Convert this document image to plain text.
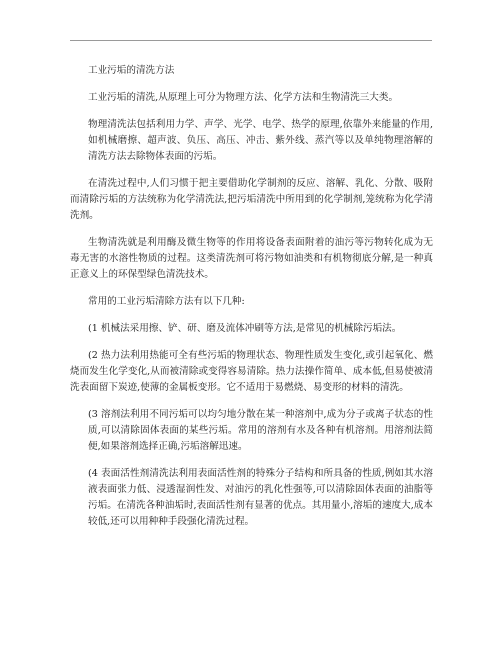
工业污垢的清洗方法

工业污垢的清洗,从原理上可分为物理方法、化学方法和生物清洗三大类。

物理清洗法包括利用力学、声学、光学、电学、热学的原理,依靠外来能量的作用,如机械磨擦、超声波、负压、高压、冲击、紫外线、蒸汽等以及单纯物理溶解的清洗方法去除物体表面的污垢。

在清洗过程中,人们习惯于把主要借助化学制剂的反应、溶解、乳化、分散、吸附而清除污垢的方法统称为化学清洗法,把污垢清洗中所用到的化学制剂,笼统称为化学清洗剂。

生物清洗就是利用酶及微生物等的作用将设备表面附着的油污等污物转化成为无毒无害的水溶性物质的过程。这类清洗剂可将污物如油类和有机物彻底分解,是一种真正意义上的环保型绿色清洗技术。

常用的工业污垢清除方法有以下几种:

(1 机械法采用擦、铲、研、磨及流体冲刷等方法,是常见的机械除污垢法。

(2 热力法利用热能可全有些污垢的物理状态、物理性质发生变化,或引起氧化、燃烧而发生化学变化,从而被清除或变得容易清除。热力法操作简单、成本低,但易使被清洗表面留下炭迹,使薄的金属板变形。它不适用于易燃烧、易变形的材料的清洗。

(3 溶剂法利用不同污垢可以均匀地分散在某一种溶剂中,成为分子或离子状态的性质,可以清除固体表面的某些污垢。常用的溶剂有水及各种有机溶剂。用溶剂法简便,如果溶剂选择正确,污垢溶解迅速。

(4 表面活性剂清洗法利用表面活性剂的特殊分子结构和所具备的性质,例如其水溶液表面张力低、浸透湿润性发、对油污的乳化性强等,可以清除固体表面的油脂等污垢。在清洗各种油垢时,表面活性剂有显著的优点。其用量小,溶垢的速度大,成本较低,还可以用种种手段强化清洗过程。
